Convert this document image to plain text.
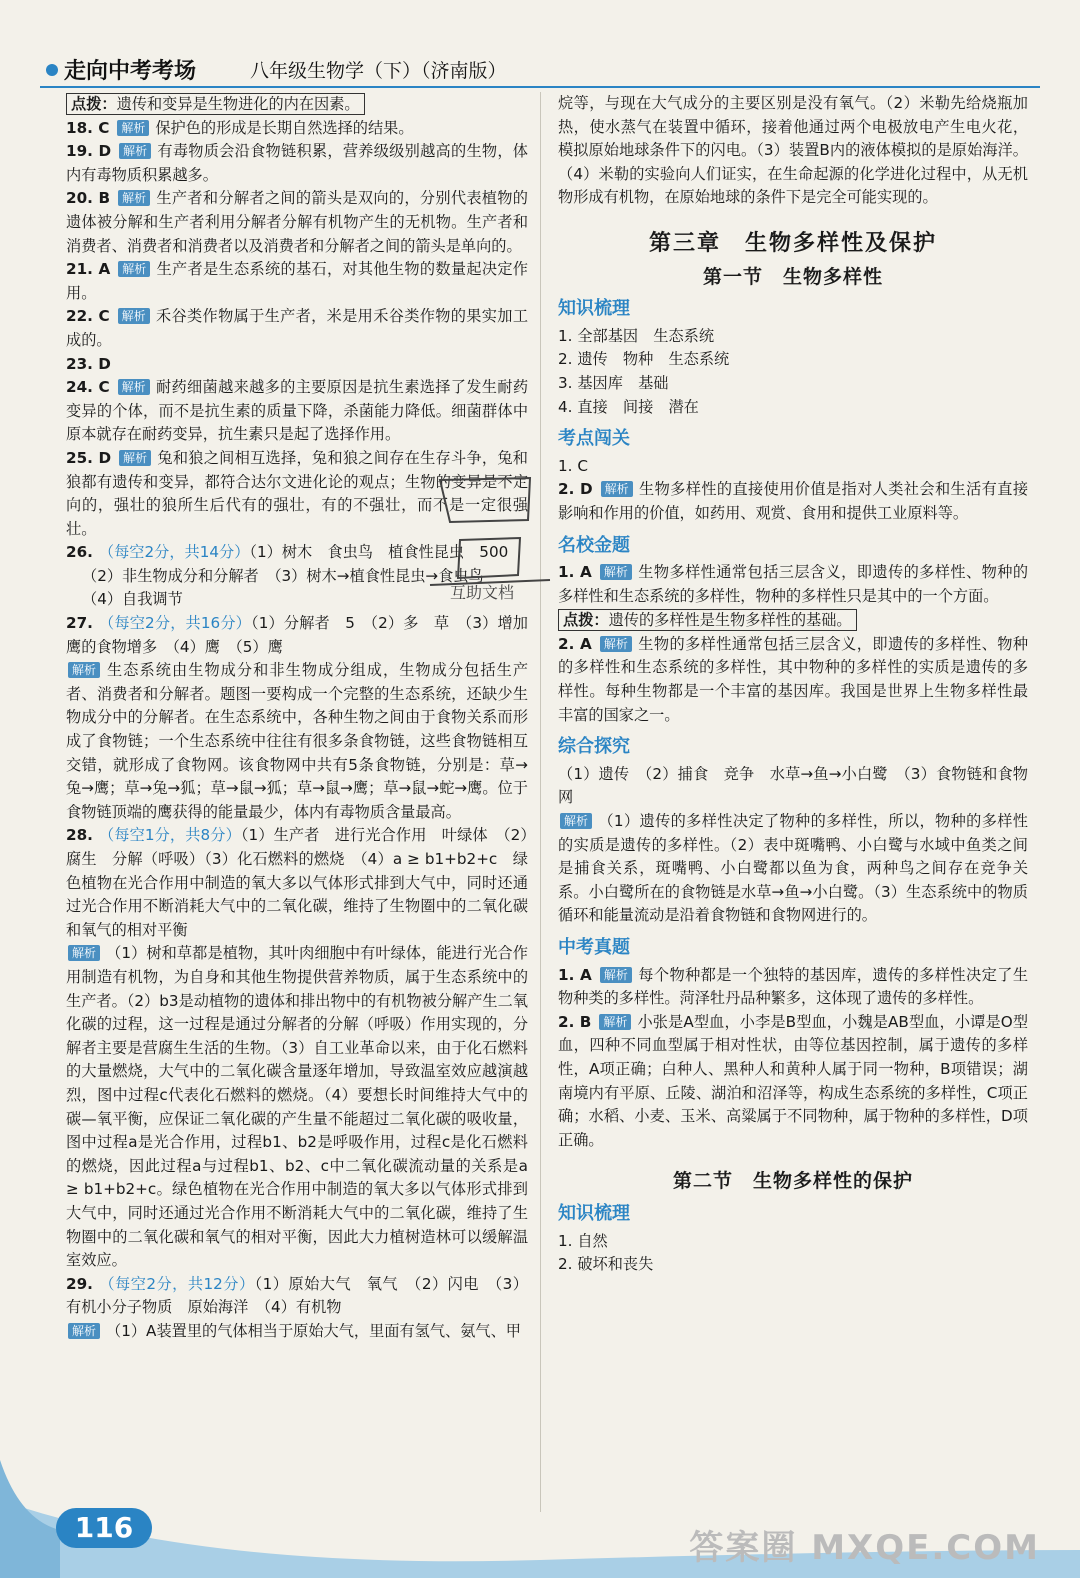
走向中考考场	八年级生物学（下）（济南版）

点拨：遗传和变异是生物进化的内在因素。

18. C 解析 保护色的形成是长期自然选择的结果。

19. D 解析 有毒物质会沿食物链积累，营养级级别越高的生物，体内有毒物质积累越多。

20. B 解析 生产者和分解者之间的箭头是双向的，分别代表植物的遗体被分解和生产者利用分解者分解有机物产生的无机物。生产者和消费者、消费者和消费者以及消费者和分解者之间的箭头是单向的。

21. A 解析 生产者是生态系统的基石，对其他生物的数量起决定作用。

22. C 解析 禾谷类作物属于生产者，米是用禾谷类作物的果实加工成的。

23. D

24. C 解析 耐药细菌越来越多的主要原因是抗生素选择了发生耐药变异的个体，而不是抗生素的质量下降，杀菌能力降低。细菌群体中原本就存在耐药变异，抗生素只是起了选择作用。

25. D 解析 兔和狼之间相互选择，兔和狼之间存在生存斗争，兔和狼都有遗传和变异，都符合达尔文进化论的观点；生物的变异是不定向的，强壮的狼所生后代有的强壮，有的不强壮，而不是一定很强壮。

26. （每空2分，共14分）（1）树木　食虫鸟　植食性昆虫　500

（2）非生物成分和分解者　（3）树木→植食性昆虫→食虫鸟

（4）自我调节

27. （每空2分，共16分）（1）分解者　5　（2）多　草　（3）增加　鹰的食物增多　（4）鹰　（5）鹰

解析 生态系统由生物成分和非生物成分组成，生物成分包括生产者、消费者和分解者。题图一要构成一个完整的生态系统，还缺少生物成分中的分解者。在生态系统中，各种生物之间由于食物关系而形成了食物链；一个生态系统中往往有很多条食物链，这些食物链相互交错，就形成了食物网。该食物网中共有5条食物链，分别是：草→兔→鹰；草→兔→狐；草→鼠→狐；草→鼠→鹰；草→鼠→蛇→鹰。位于食物链顶端的鹰获得的能量最少，体内有毒物质含量最高。

28. （每空1分，共8分）（1）生产者　进行光合作用　叶绿体　（2）腐生　分解（呼吸）（3）化石燃料的燃烧　（4）a ≥ b1+b2+c　绿色植物在光合作用中制造的氧大多以气体形式排到大气中，同时还通过光合作用不断消耗大气中的二氧化碳，维持了生物圈中的二氧化碳和氧气的相对平衡

解析 （1）树和草都是植物，其叶肉细胞中有叶绿体，能进行光合作用制造有机物，为自身和其他生物提供营养物质，属于生态系统中的生产者。（2）b3是动植物的遗体和排出物中的有机物被分解产生二氧化碳的过程，这一过程是通过分解者的分解（呼吸）作用实现的，分解者主要是营腐生生活的生物。（3）自工业革命以来，由于化石燃料的大量燃烧，大气中的二氧化碳含量逐年增加，导致温室效应越演越烈，图中过程c代表化石燃料的燃烧。（4）要想长时间维持大气中的碳—氧平衡，应保证二氧化碳的产生量不能超过二氧化碳的吸收量，图中过程a是光合作用，过程b1、b2是呼吸作用，过程c是化石燃料的燃烧，因此过程a与过程b1、b2、c中二氧化碳流动量的关系是a ≥ b1+b2+c。绿色植物在光合作用中制造的氧大多以气体形式排到大气中，同时还通过光合作用不断消耗大气中的二氧化碳，维持了生物圈中的二氧化碳和氧气的相对平衡，因此大力植树造林可以缓解温室效应。

29. （每空2分，共12分）（1）原始大气　氧气　（2）闪电　（3）有机小分子物质　原始海洋　（4）有机物

解析 （1）A装置里的气体相当于原始大气，里面有氢气、氨气、甲

烷等，与现在大气成分的主要区别是没有氧气。（2）米勒先给烧瓶加热，使水蒸气在装置中循环，接着他通过两个电极放电产生电火花，模拟原始地球条件下的闪电。（3）装置B内的液体模拟的是原始海洋。（4）米勒的实验向人们证实，在生命起源的化学进化过程中，从无机物形成有机物，在原始地球的条件下是完全可能实现的。

第三章　生物多样性及保护
第一节　生物多样性
知识梳理

1. 全部基因　生态系统

2. 遗传　物种　生态系统

3. 基因库　基础

4. 直接　间接　潜在

考点闯关

1. C

2. D 解析 生物多样性的直接使用价值是指对人类社会和生活有直接影响和作用的价值，如药用、观赏、食用和提供工业原料等。

名校金题

1. A 解析 生物多样性通常包括三层含义，即遗传的多样性、物种的多样性和生态系统的多样性，物种的多样性只是其中的一个方面。

点拨：遗传的多样性是生物多样性的基础。

2. A 解析 生物的多样性通常包括三层含义，即遗传的多样性、物种的多样性和生态系统的多样性，其中物种的多样性的实质是遗传的多样性。每种生物都是一个丰富的基因库。我国是世界上生物多样性最丰富的国家之一。

综合探究

（1）遗传　（2）捕食　竞争　水草→鱼→小白鹭　（3）食物链和食物网

解析 （1）遗传的多样性决定了物种的多样性，所以，物种的多样性的实质是遗传的多样性。（2）表中斑嘴鸭、小白鹭与水域中鱼类之间是捕食关系，斑嘴鸭、小白鹭都以鱼为食，两种鸟之间存在竞争关系。小白鹭所在的食物链是水草→鱼→小白鹭。（3）生态系统中的物质循环和能量流动是沿着食物链和食物网进行的。

中考真题

1. A 解析 每个物种都是一个独特的基因库，遗传的多样性决定了生物种类的多样性。菏泽牡丹品种繁多，这体现了遗传的多样性。

2. B 解析 小张是A型血，小李是B型血，小魏是AB型血，小谭是O型血，四种不同血型属于相对性状，由等位基因控制，属于遗传的多样性，A项正确；白种人、黑种人和黄种人属于同一物种，B项错误；湖南境内有平原、丘陵、湖泊和沼泽等，构成生态系统的多样性，C项正确；水稻、小麦、玉米、高粱属于不同物种，属于物种的多样性，D项正确。

第二节　生物多样性的保护
知识梳理

1. 自然

2. 破坏和丧失

互助文档
116
答案圈 MXQE.COM
